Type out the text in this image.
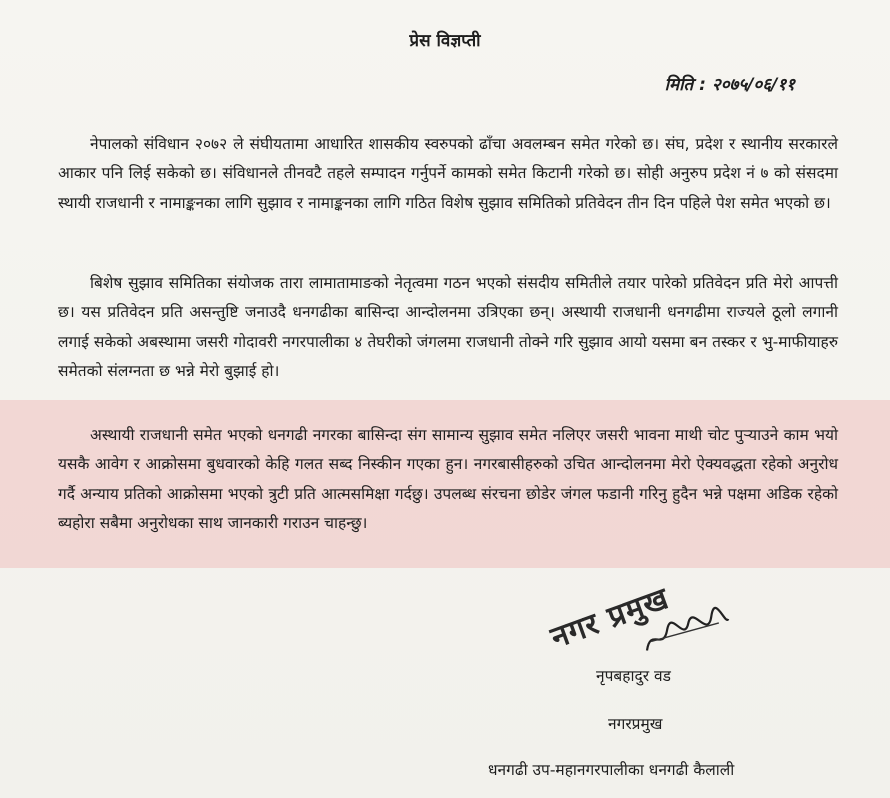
प्रेस विज्ञप्ती
मिति : २०७५/०६/११

नेपालको संविधान २०७२ ले संघीयतामा आधारित शासकीय स्वरुपको ढाँचा अवलम्बन समेत गरेको छ। संघ, प्रदेश र स्थानीय सरकारले आकार पनि लिई सकेको छ। संविधानले तीनवटै तहले सम्पादन गर्नुपर्ने कामको समेत किटानी गरेको छ। सोही अनुरुप प्रदेश नं ७ को संसदमा स्थायी राजधानी र नामाङ्कनका लागि सुझाव र नामाङ्कनका लागि गठित विशेष सुझाव समितिको प्रतिवेदन तीन दिन पहिले पेश समेत भएको छ।

बिशेष सुझाव समितिका संयोजक तारा लामातामाङको नेतृत्वमा गठन भएको संसदीय समितीले तयार पारेको प्रतिवेदन प्रति मेरो आपत्ती छ। यस प्रतिवेदन प्रति असन्तुष्टि जनाउदै धनगढीका बासिन्दा आन्दोलनमा उत्रिएका छन्। अस्थायी राजधानी धनगढीमा राज्यले ठूलो लगानी लगाई सकेको अबस्थामा जसरी गोदावरी नगरपालीका ४ तेघरीको जंगलमा राजधानी तोक्ने गरि सुझाव आयो यसमा बन तस्कर र भु-माफीयाहरु समेतको संलग्नता छ भन्ने मेरो बुझाई हो।

अस्थायी राजधानी समेत भएको धनगढी नगरका बासिन्दा संग सामान्य सुझाव समेत नलिएर जसरी भावना माथी चोट पुऱ्याउने काम भयो यसकै आवेग र आक्रोसमा बुधवारको केहि गलत सब्द निस्कीन गएका हुन। नगरबासीहरुको उचित आन्दोलनमा मेरो ऐक्यवद्धता रहेको अनुरोध गर्दै अन्याय प्रतिको आक्रोसमा भएको त्रुटी प्रति आत्मसमिक्षा गर्दछु। उपलब्ध संरचना छोडेर जंगल फडानी गरिनु हुदैन भन्ने पक्षमा अडिक रहेको ब्यहोरा सबैमा अनुरोधका साथ जानकारी गराउन चाहन्छु।

नगर प्रमुख
नृपबहादुर वड
नगरप्रमुख
धनगढी उप-महानगरपालीका धनगढी कैलाली
